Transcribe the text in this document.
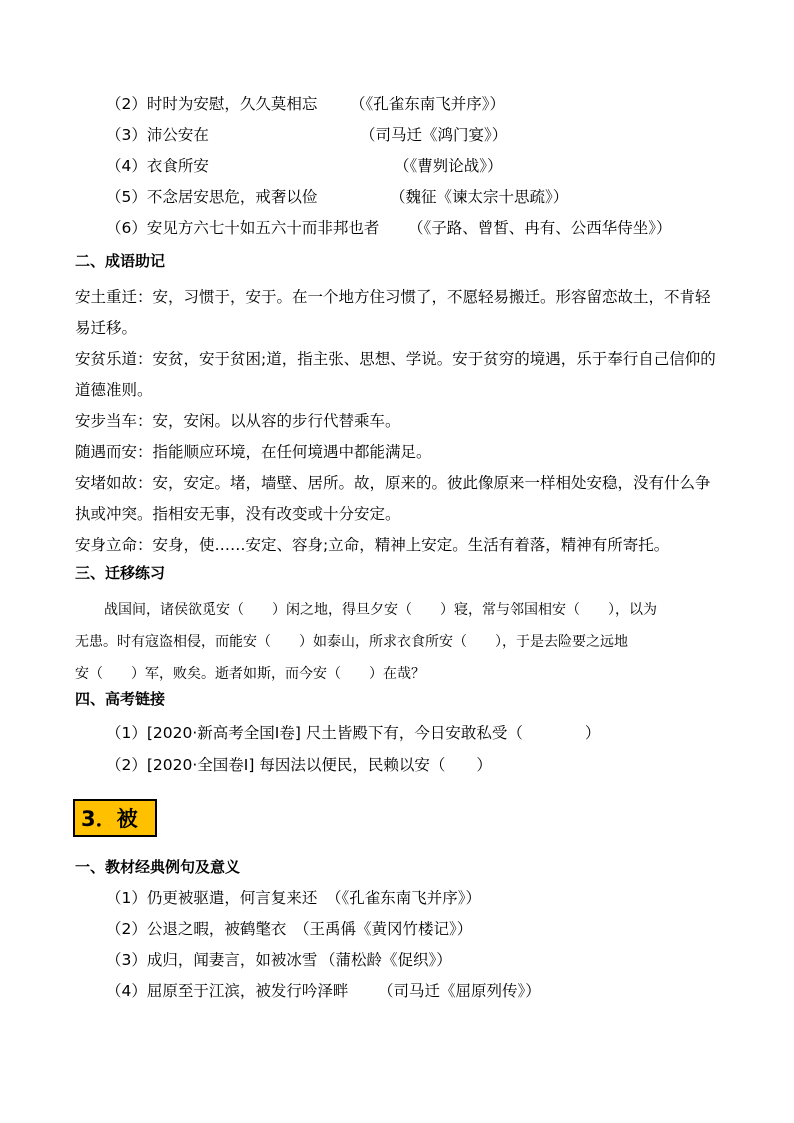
（2）时时为安慰，久久莫相忘 （《孔雀东南飞并序》）
（3）沛公安在	（司马迁《鸿门宴》）
（4）衣食所安	（《曹刿论战》）
（5）不念居安思危，戒奢以俭	（魏征《谏太宗十思疏》）
（6）安见方六七十如五六十而非邦也者 （《子路、曾皙、冉有、公西华侍坐》）
二、成语助记
安土重迁：安，习惯于，安于。在一个地方住习惯了，不愿轻易搬迁。形容留恋故土，不肯轻易迁移。
安贫乐道：安贫，安于贫困;道，指主张、思想、学说。安于贫穷的境遇，乐于奉行自己信仰的道德准则。
安步当车：安，安闲。以从容的步行代替乘车。
随遇而安：指能顺应环境，在任何境遇中都能满足。
安堵如故：安，安定。堵，墙壁、居所。故，原来的。彼此像原来一样相处安稳，没有什么争执或冲突。指相安无事，没有改变或十分安定。
安身立命：安身，使……安定、容身;立命，精神上安定。生活有着落，精神有所寄托。
三、迁移练习
战国间，诸侯欲觅安（　　）闲之地，得旦夕安（　　）寝，常与邻国相安（　　），以为
无患。时有寇盗相侵，而能安（　　）如泰山，所求衣食所安（　　），于是去险要之远地
安（　　）军，败矣。逝者如斯，而今安（　　）在哉？
四、高考链接
（1）[2020·新高考全国Ⅰ卷] 尺土皆殿下有，今日安敢私受（　　　　）
（2）[2020·全国卷Ⅰ] 每因法以便民，民赖以安（　　）
3．被
一、教材经典例句及意义
（1）仍更被驱遣，何言复来还 （《孔雀东南飞并序》）
（2）公退之暇，被鹤氅衣 （王禹偁《黄冈竹楼记》）
（3）成归，闻妻言，如被冰雪 （蒲松龄《促织》）
（4）屈原至于江滨，被发行吟泽畔 （司马迁《屈原列传》）
